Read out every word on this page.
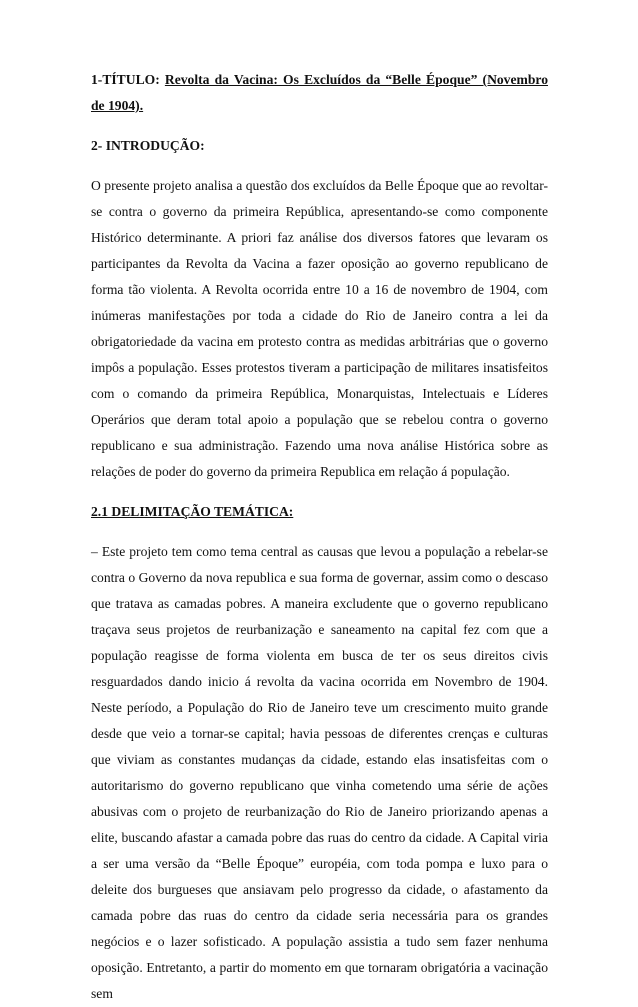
1-TÍTULO: Revolta da Vacina: Os Excluídos da “Belle Époque” (Novembro de 1904).

2- INTRODUÇÃO:

O presente projeto analisa a questão dos excluídos da Belle Époque que ao revoltar-se contra o governo da primeira República, apresentando-se como componente Histórico determinante. A priori faz análise dos diversos fatores que levaram os participantes da Revolta da Vacina a fazer oposição ao governo republicano de forma tão violenta. A Revolta ocorrida entre 10 a 16 de novembro de 1904, com inúmeras manifestações por toda a cidade do Rio de Janeiro contra a lei da obrigatoriedade da vacina em protesto contra as medidas arbitrárias que o governo impôs a população. Esses protestos tiveram a participação de militares insatisfeitos com o comando da primeira República, Monarquistas, Intelectuais e Líderes Operários que deram total apoio a população que se rebelou contra o governo republicano e sua administração. Fazendo uma nova análise Histórica sobre as relações de poder do governo da primeira Republica em relação á população.

2.1 DELIMITAÇÃO TEMÁTICA:

– Este projeto tem como tema central as causas que levou a população a rebelar-se contra o Governo da nova republica e sua forma de governar, assim como o descaso que tratava as camadas pobres. A maneira excludente que o governo republicano traçava seus projetos de reurbanização e saneamento na capital fez com que a população reagisse de forma violenta em busca de ter os seus direitos civis resguardados dando inicio á revolta da vacina ocorrida em Novembro de 1904. Neste período, a População do Rio de Janeiro teve um crescimento muito grande desde que veio a tornar-se capital; havia pessoas de diferentes crenças e culturas que viviam as constantes mudanças da cidade, estando elas insatisfeitas com o autoritarismo do governo republicano que vinha cometendo uma série de ações abusivas com o projeto de reurbanização do Rio de Janeiro priorizando apenas a elite, buscando afastar a camada pobre das ruas do centro da cidade. A Capital viria a ser uma versão da “Belle Époque” européia, com toda pompa e luxo para o deleite dos burgueses que ansiavam pelo progresso da cidade, o afastamento da camada pobre das ruas do centro da cidade seria necessária para os grandes negócios e o lazer sofisticado. A população assistia a tudo sem fazer nenhuma oposição. Entretanto, a partir do momento em que tornaram obrigatória a vacinação sem
